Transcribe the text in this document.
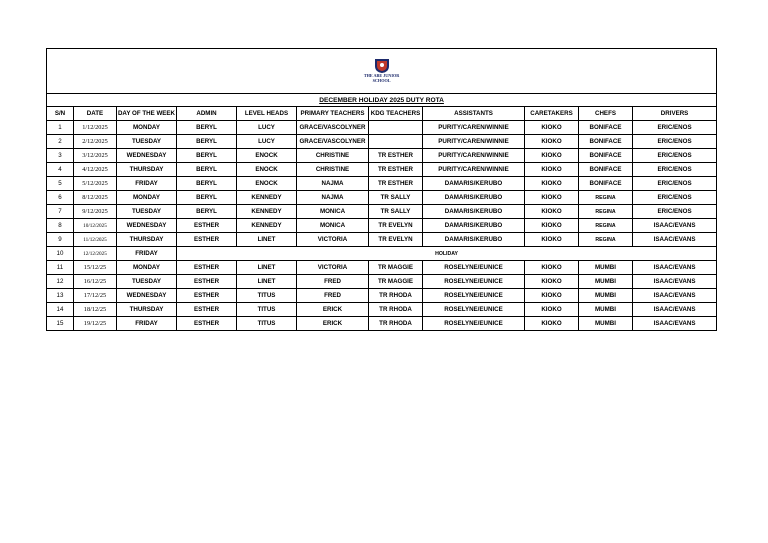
THE ABE JUNIOR
SCHOOL										

DECEMBER HOLIDAY 2025 DUTY ROTA										
S/N	DATE	DAY OF THE WEEK	ADMIN	LEVEL HEADS	PRIMARY TEACHERS	KDG TEACHERS	ASSISTANTS	CARETAKERS	CHEFS	DRIVERS
1	1/12/2025	MONDAY	BERYL	LUCY	GRACE/VASCOLYNER		PURITY/CAREN/WINNIE	KIOKO	BONIFACE	ERIC/ENOS
2	2/12/2025	TUESDAY	BERYL	LUCY	GRACE/VASCOLYNER		PURITY/CAREN/WINNIE	KIOKO	BONIFACE	ERIC/ENOS
3	3/12/2025	WEDNESDAY	BERYL	ENOCK	CHRISTINE	TR ESTHER	PURITY/CAREN/WINNIE	KIOKO	BONIFACE	ERIC/ENOS
4	4/12/2025	THURSDAY	BERYL	ENOCK	CHRISTINE	TR ESTHER	PURITY/CAREN/WINNIE	KIOKO	BONIFACE	ERIC/ENOS
5	5/12/2025	FRIDAY	BERYL	ENOCK	NAJMA	TR ESTHER	DAMARIS/KERUBO	KIOKO	BONIFACE	ERIC/ENOS
6	8/12/2025	MONDAY	BERYL	KENNEDY	NAJMA	TR SALLY	DAMARIS/KERUBO	KIOKO	REGINA	ERIC/ENOS
7	9/12/2025	TUESDAY	BERYL	KENNEDY	MONICA	TR SALLY	DAMARIS/KERUBO	KIOKO	REGINA	ERIC/ENOS
8	10/12/2025	WEDNESDAY	ESTHER	KENNEDY	MONICA	TR EVELYN	DAMARIS/KERUBO	KIOKO	REGINA	ISAAC/EVANS
9	11/12/2025	THURSDAY	ESTHER	LINET	VICTORIA	TR EVELYN	DAMARIS/KERUBO	KIOKO	REGINA	ISAAC/EVANS
10	12/12/2025	FRIDAY	HOLIDAY							
11	15/12/25	MONDAY	ESTHER	LINET	VICTORIA	TR MAGGIE	ROSELYNE/EUNICE	KIOKO	MUMBI	ISAAC/EVANS
12	16/12/25	TUESDAY	ESTHER	LINET	FRED	TR MAGGIE	ROSELYNE/EUNICE	KIOKO	MUMBI	ISAAC/EVANS
13	17/12/25	WEDNESDAY	ESTHER	TITUS	FRED	TR RHODA	ROSELYNE/EUNICE	KIOKO	MUMBI	ISAAC/EVANS
14	18/12/25	THURSDAY	ESTHER	TITUS	ERICK	TR RHODA	ROSELYNE/EUNICE	KIOKO	MUMBI	ISAAC/EVANS
15	19/12/25	FRIDAY	ESTHER	TITUS	ERICK	TR RHODA	ROSELYNE/EUNICE	KIOKO	MUMBI	ISAAC/EVANS
